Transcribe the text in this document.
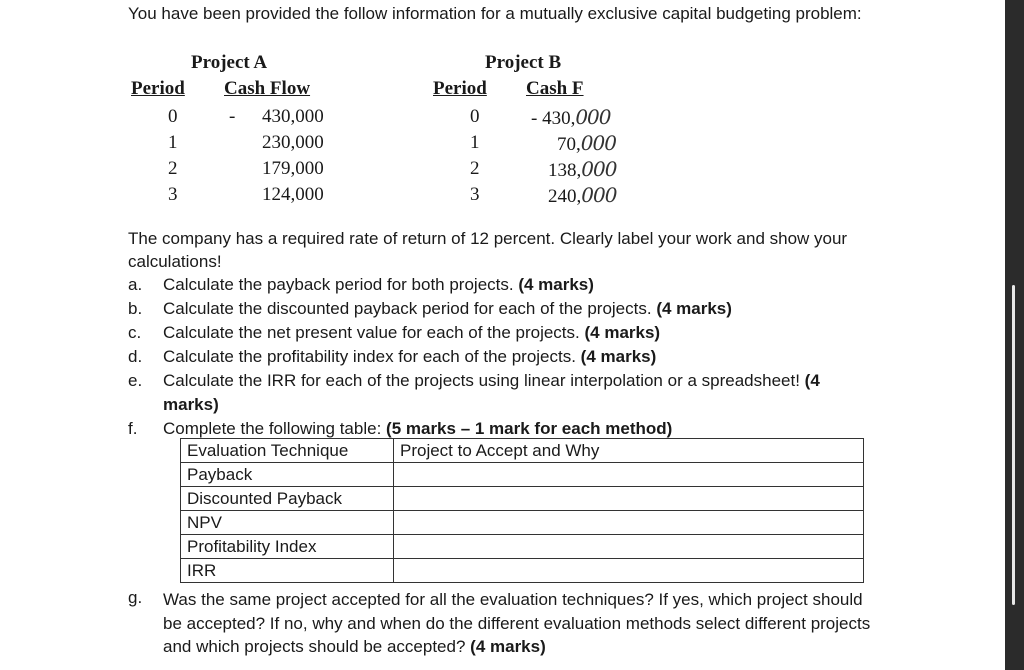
You have been provided the follow information for a mutually exclusive capital budgeting problem:
Project A
Period Cash Flow
0	- 430,000
1	230,000
2	179,000
3	124,000
Project B
Period Cash F
0	- 430,000
1	70,000
2	138,000
3	240,000
The company has a required rate of return of 12 percent. Clearly label your work and show your calculations!
a.	Calculate the payback period for both projects. (4 marks)
b.	Calculate the discounted payback period for each of the projects. (4 marks)
c.	Calculate the net present value for each of the projects. (4 marks)
d.	Calculate the profitability index for each of the projects. (4 marks)
e.	Calculate the IRR for each of the projects using linear interpolation or a spreadsheet! (4 marks)
f.	Complete the following table: (5 marks – 1 mark for each method)
Evaluation Technique	Project to Accept and Why
Payback	
Discounted Payback	
NPV	
Profitability Index	
IRR	
g. Was the same project accepted for all the evaluation techniques? If yes, which project should be accepted? If no, why and when do the different evaluation methods select different projects and which projects should be accepted? (4 marks)
